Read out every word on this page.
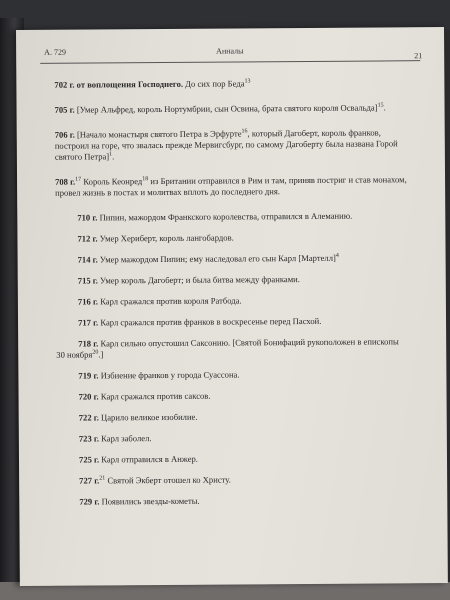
А. 729	Анналы
21

702 г. от воплощения Господнего. До сих пор Беда$^{13}$

705 г. [Умер Альфред, король Нортумбрии, сын Освина, брата святого короля Освальда]$^{15}$.

706 г. [Начало монастыря святого Петра в Эрфурте$^{16}$, который Дагоберт, король франков, построил на горе, что звалась прежде Мервигсбург, по самому Дагоберту была названа Горой святого Петра]$^1$.

708 г.$^{17}$ Король Кеонред$^{18}$ из Британии отправился в Рим и там, приняв постриг и став монахом, провел жизнь в постах и молитвах вплоть до последнего дня.

710 г. Пипин, мажордом Франкского королевства, отправился в Алеманию.

712 г. Умер Хериберт, король лангобардов.

714 г. Умер мажордом Пипин; ему наследовал его сын Карл [Мартелл]$^4$

715 г. Умер король Дагоберт; и была битва между франками.

716 г. Карл сражался против короля Ратбода.

717 г. Карл сражался против франков в воскресенье перед Пасхой.

718 г. Карл сильно опустошил Саксонию. [Святой Бонифаций рукоположен в епископы 30 ноября$^{20}$.]

719 г. Избиение франков у города Суассона.

720 г. Карл сражался против саксов.

722 г. Царило великое изобилие.

723 г. Карл заболел.

725 г. Карл отправился в Анжер.

727 г.$^{21}$ Святой Экберт отошел ко Христу.

729 г. Появились звезды-кометы.
